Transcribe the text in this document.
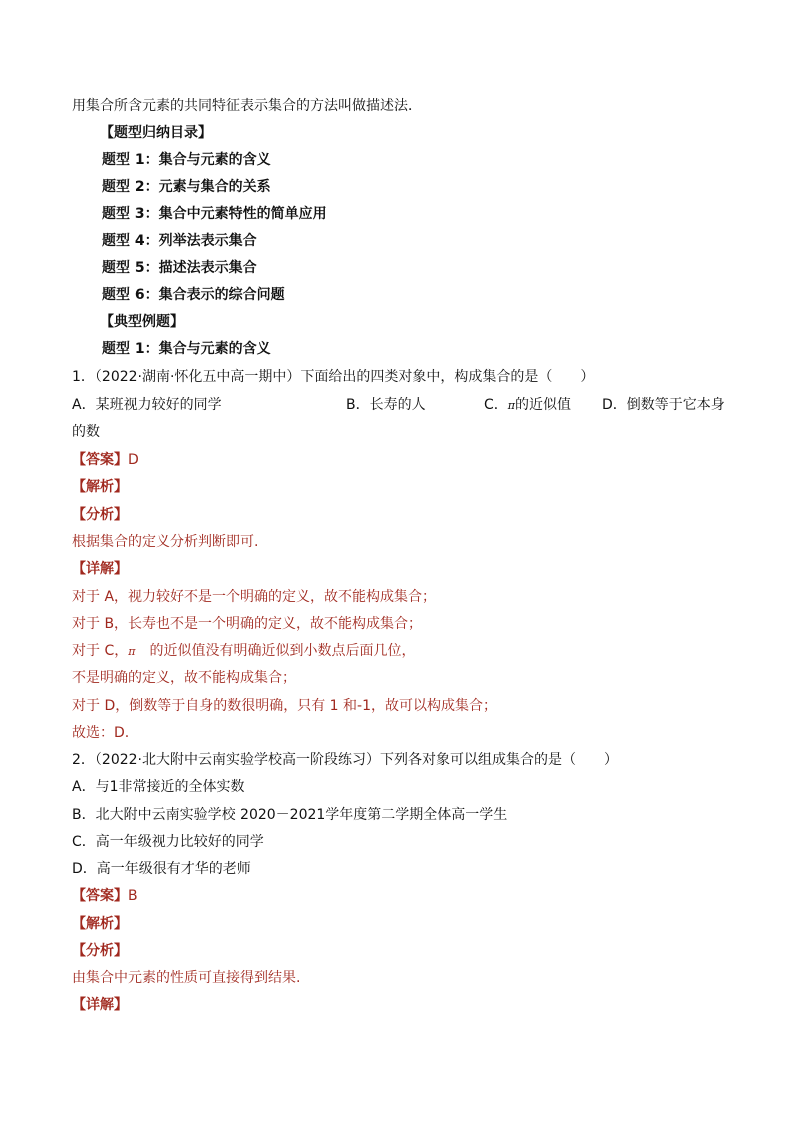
用集合所含元素的共同特征表示集合的方法叫做描述法．
【题型归纳目录】
题型 1：集合与元素的含义
题型 2：元素与集合的关系
题型 3：集合中元素特性的简单应用
题型 4：列举法表示集合
题型 5：描述法表示集合
题型 6：集合表示的综合问题
【典型例题】
题型 1：集合与元素的含义
1．（2022·湖南·怀化五中高一期中）下面给出的四类对象中，构成集合的是（　　）
A．某班视力较好的同学	B．长寿的人	C．π的近似值 D．倒数等于它本身
的数
【答案】D
【解析】
【分析】
根据集合的定义分析判断即可.
【详解】
对于 A，视力较好不是一个明确的定义，故不能构成集合；
对于 B，长寿也不是一个明确的定义，故不能构成集合；
对于 C，π　 的近似值没有明确近似到小数点后面几位，
不是明确的定义，故不能构成集合；
对于 D，倒数等于自身的数很明确，只有 1 和-1，故可以构成集合；
故选：D.
2．（2022·北大附中云南实验学校高一阶段练习）下列各对象可以组成集合的是（　　）
A．与1非常接近的全体实数
B．北大附中云南实验学校 2020－2021学年度第二学期全体高一学生
C．高一年级视力比较好的同学
D．高一年级很有才华的老师
【答案】B
【解析】
【分析】
由集合中元素的性质可直接得到结果.
【详解】
